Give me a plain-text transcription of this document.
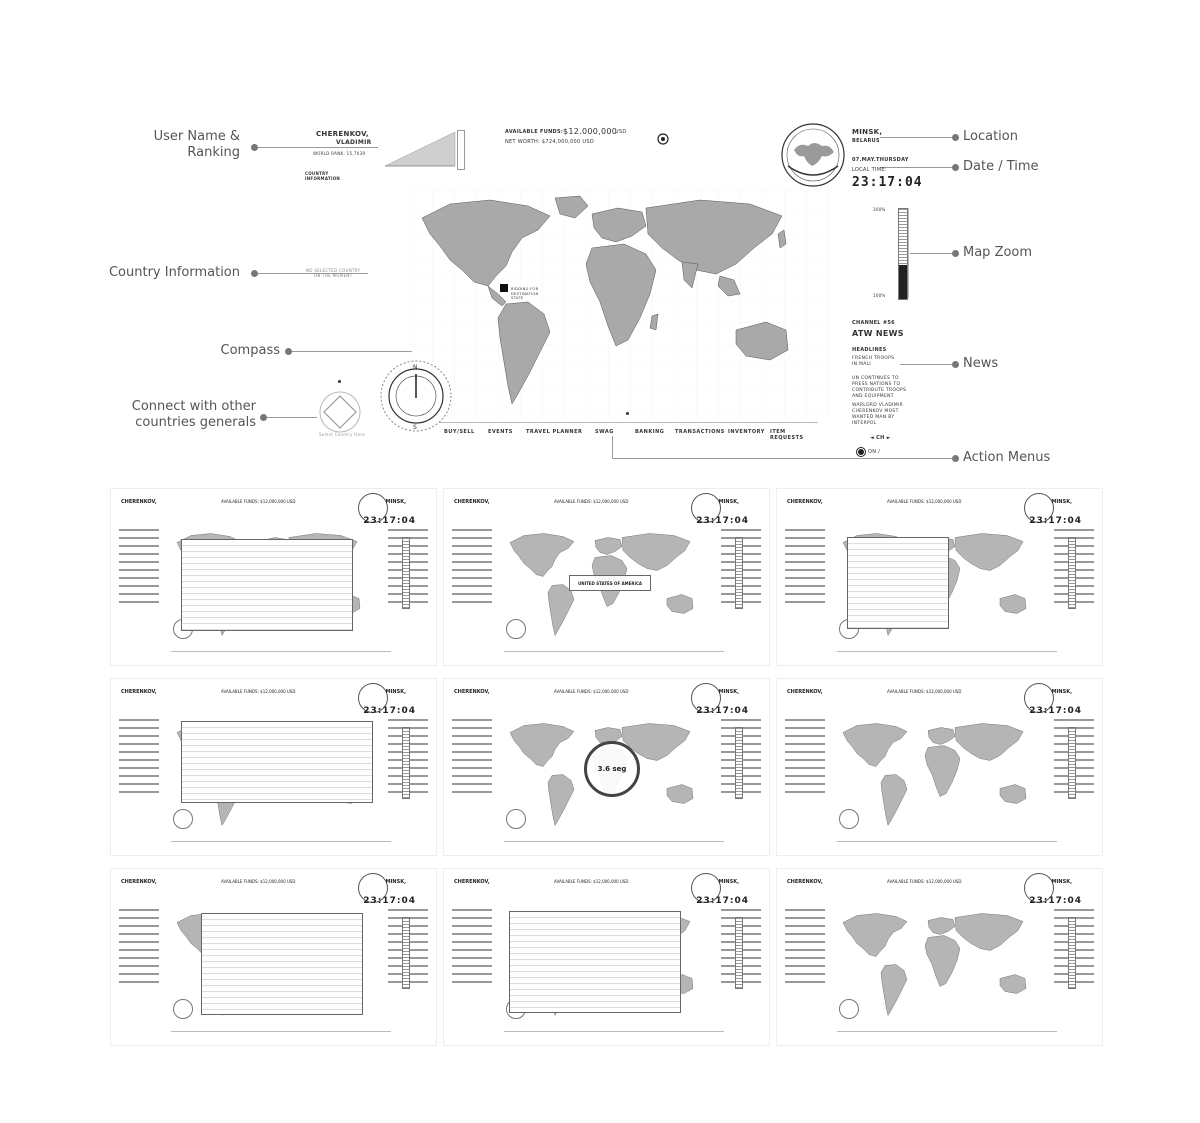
User Name &
Ranking
Country Information
Compass
Connect with other
countries generals
Location
Date / Time
Map Zoom
News
Action Menus
CHERENKOV,
VLADIMIR
WORLD RANK: 15,7039
COUNTRY
INFORMATION
AVAILABLE FUNDS: $12.000,000
USD
NET WORTH: $724,000,000 USD
MINSK,
BELARUS
07.MAY.THURSDAY
LOCAL TIME:
23:17:04
300%
100%
CHANNEL #56
ATW NEWS
HEADLINES
FRENCH TROOPS
IN MALI
UN CONTINUES TO
PRESS NATIONS TO
CONTRIBUTE TROOPS
AND EQUIPMENT
WARLORD VLADIMIR
CHERENKOV MOST
WANTED MAN BY
INTERPOL
◄ CH ►
ON /
NO SELECTED COUNTRY
ON THE MOMENT
BIDDING FOR
DESTINATION
STATE
N
S
Select Country Here	BUY/SELL	EVENTS	TRAVEL PLANNER	SWAG	BANKING TRANSACTIONS INVENTORY ITEM REQUESTS
CHERENKOV,	AVAILABLE FUNDS: $12,000,000 USD	MINSK,
23:17:04
CHERENKOV,	AVAILABLE FUNDS: $12,000,000 USD	MINSK,
23:17:04
UNITED STATES OF AMERICA
CHERENKOV,	AVAILABLE FUNDS: $12,000,000 USD	MINSK,
23:17:04
CHERENKOV,	AVAILABLE FUNDS: $12,000,000 USD	MINSK,
23:17:04
CHERENKOV,	AVAILABLE FUNDS: $12,000,000 USD	MINSK,
23:17:04
3.6 seg
CHERENKOV,	AVAILABLE FUNDS: $12,000,000 USD	MINSK,
23:17:04
CHERENKOV,	AVAILABLE FUNDS: $12,000,000 USD	MINSK,
23:17:04
CHERENKOV,	AVAILABLE FUNDS: $12,000,000 USD	MINSK,
23:17:04
CHERENKOV,	AVAILABLE FUNDS: $12,000,000 USD	MINSK,
23:17:04
